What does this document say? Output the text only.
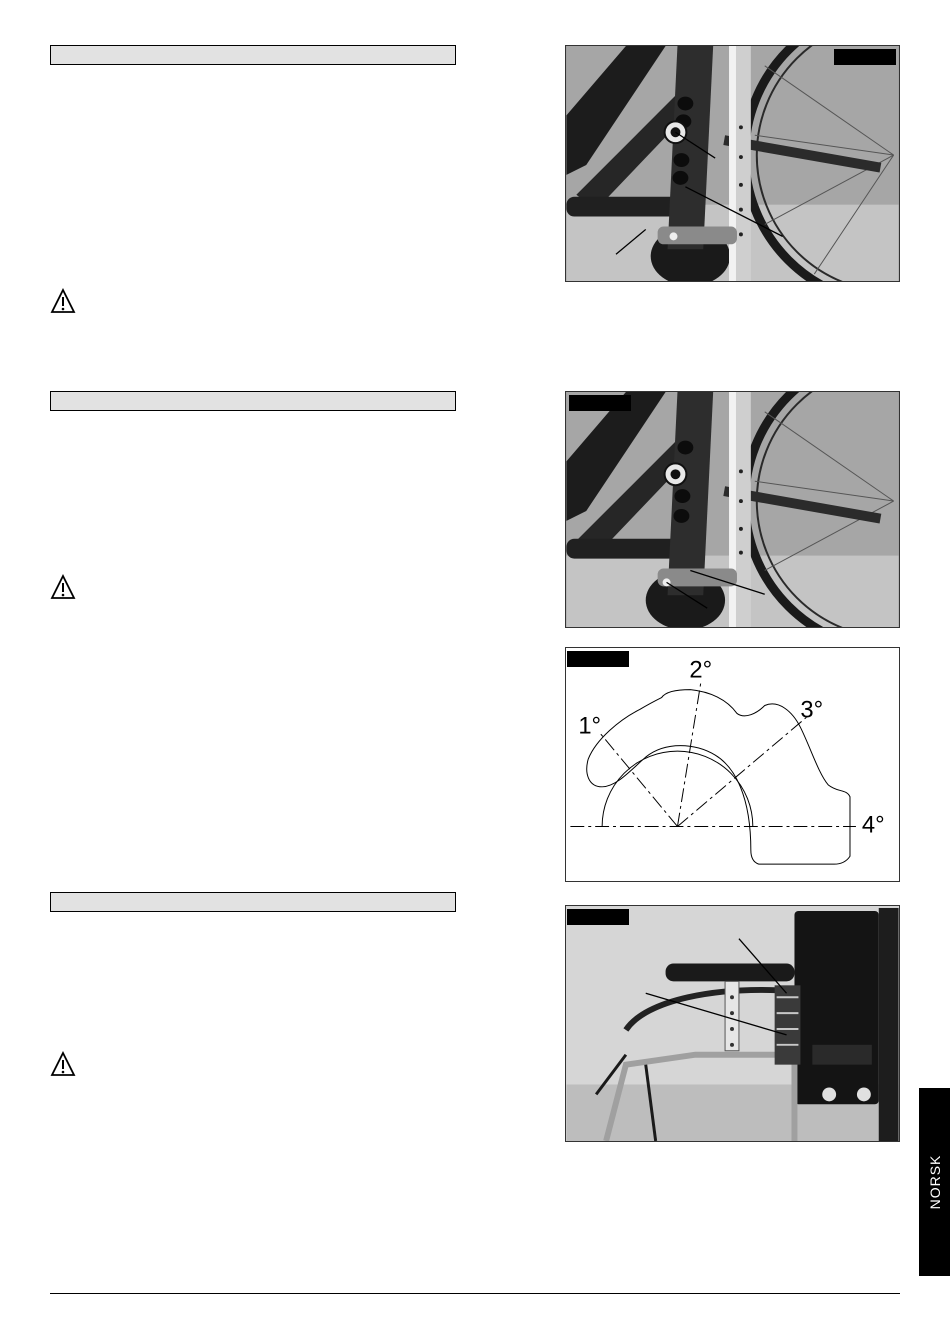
1°
2°
3°
4°
NORSK
